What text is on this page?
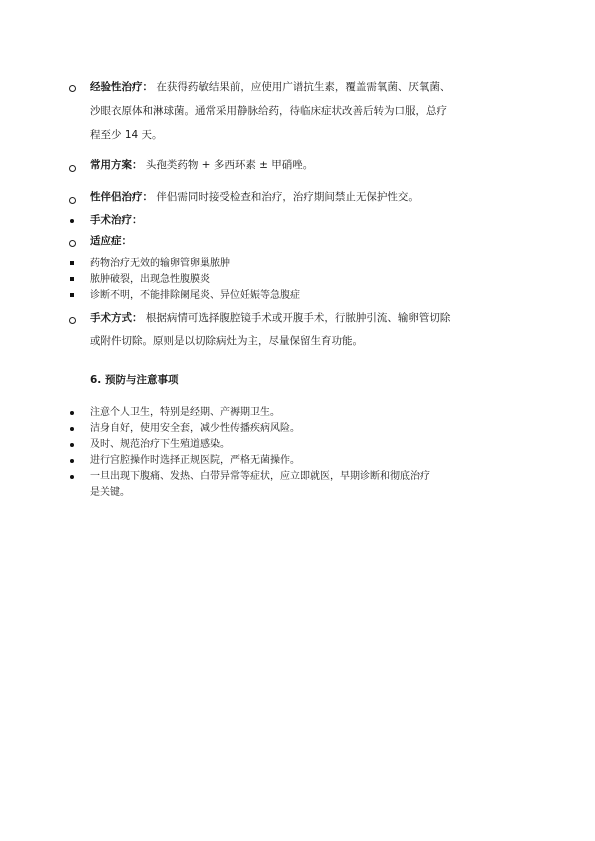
经验性治疗： 在获得药敏结果前，应使用广谱抗生素，覆盖需氧菌、厌氧菌、
沙眼衣原体和淋球菌。通常采用静脉给药，待临床症状改善后转为口服，总疗
程至少 14 天。
常用方案： 头孢类药物 + 多西环素 ± 甲硝唑。
性伴侣治疗： 伴侣需同时接受检查和治疗，治疗期间禁止无保护性交。
手术治疗：
适应症：
药物治疗无效的输卵管卵巢脓肿
脓肿破裂，出现急性腹膜炎
诊断不明，不能排除阑尾炎、异位妊娠等急腹症
手术方式： 根据病情可选择腹腔镜手术或开腹手术，行脓肿引流、输卵管切除
或附件切除。原则是以切除病灶为主，尽量保留生育功能。
6. 预防与注意事项
注意个人卫生，特别是经期、产褥期卫生。
洁身自好，使用安全套，减少性传播疾病风险。
及时、规范治疗下生殖道感染。
进行宫腔操作时选择正规医院，严格无菌操作。
一旦出现下腹痛、发热、白带异常等症状，应立即就医，早期诊断和彻底治疗
是关键。
